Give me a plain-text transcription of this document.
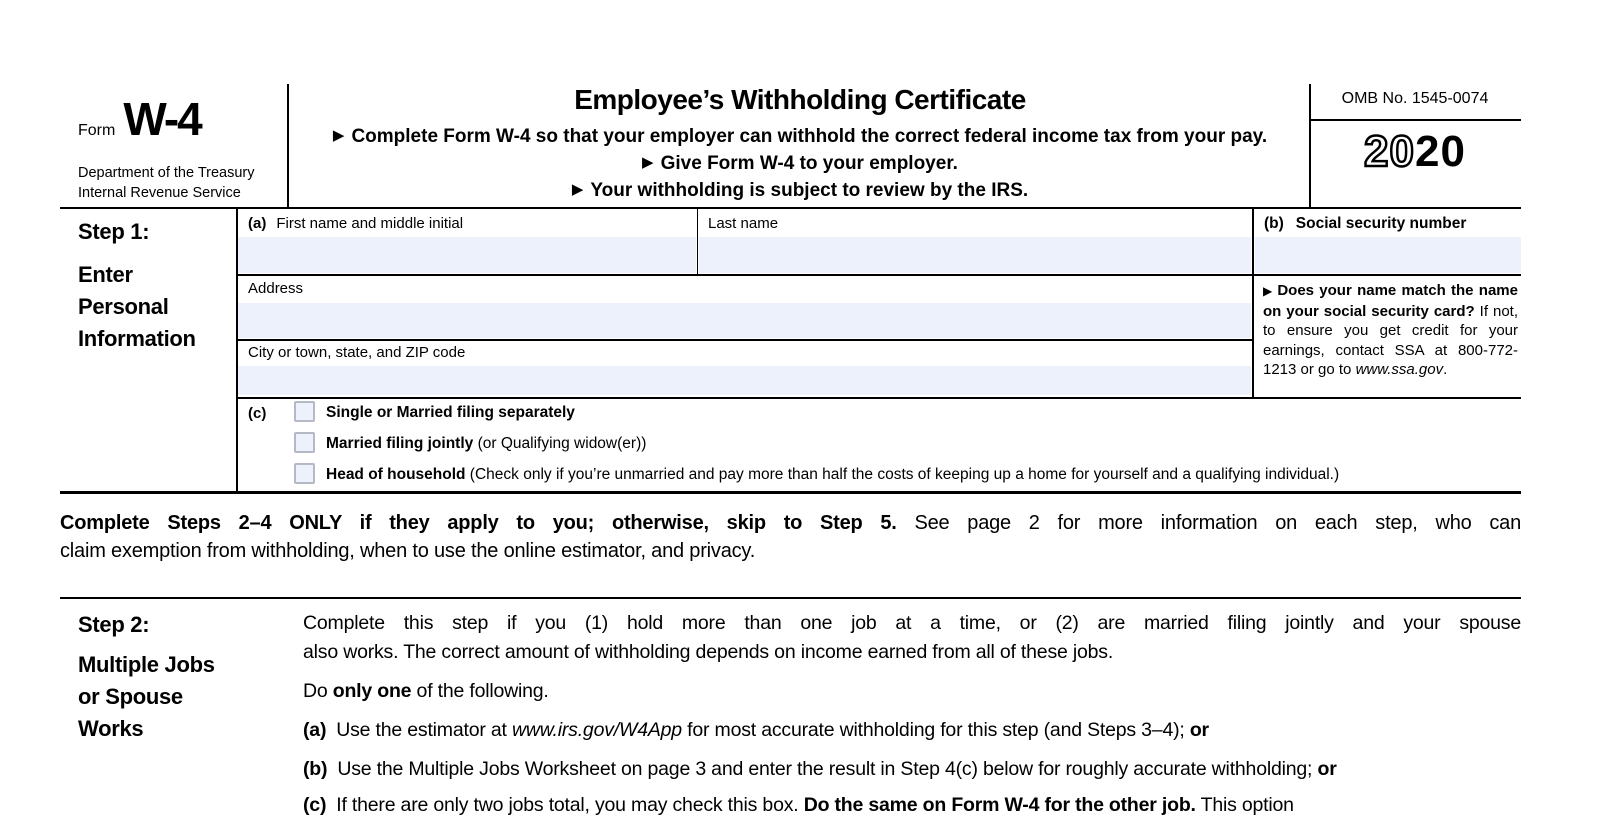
Form W-4
Department of the Treasury
Internal Revenue Service
Employee’s Withholding Certificate
▶ Complete Form W-4 so that your employer can withhold the correct federal income tax from your pay.
▶ Give Form W-4 to your employer.
▶ Your withholding is subject to review by the IRS.
OMB No. 1545-0074
2020
Step 1:
Enter
Personal
Information
(a) First name and middle initial	Last name	(b) Social security number
Address
City or town, state, and ZIP code
▶ Does your name match the name on your social security card? If not, to ensure you get credit for your earnings, contact SSA at 800-772-1213 or go to www.ssa.gov.
(c)	Single or Married filing separately
Married filing jointly (or Qualifying widow(er))
Head of household (Check only if you’re unmarried and pay more than half the costs of keeping up a home for yourself and a qualifying individual.)
Complete Steps 2–4 ONLY if they apply to you; otherwise, skip to Step 5. See page 2 for more information on each step, who can
claim exemption from withholding, when to use the online estimator, and privacy.
Step 2:
Multiple Jobs
or Spouse
Works
Complete this step if you (1) hold more than one job at a time, or (2) are married filing jointly and your spouse
also works. The correct amount of withholding depends on income earned from all of these jobs.
Do only one of the following.
(a) Use the estimator at www.irs.gov/W4App for most accurate withholding for this step (and Steps 3–4); or
(b) Use the Multiple Jobs Worksheet on page 3 and enter the result in Step 4(c) below for roughly accurate withholding; or
(c) If there are only two jobs total, you may check this box. Do the same on Form W-4 for the other job. This option
